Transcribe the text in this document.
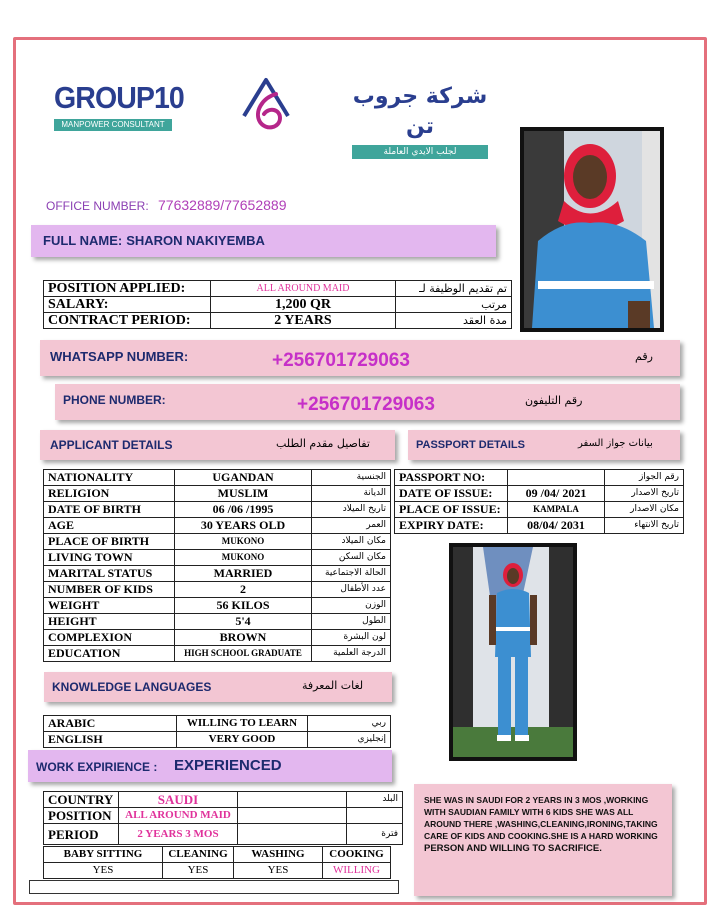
GROUP10
MANPOWER CONSULTANT
شركة جروب تن
لجلب الايدي العاملة
OFFICE NUMBER: 77632889/77652889
FULL NAME: SHARON NAKIYEMBA
POSITION APPLIED:	ALL AROUND MAID	تم تقديم الوظيفة لـ
SALARY:	1,200 QR	مرتب
CONTRACT PERIOD:	2 YEARS	مدة العقد
WHATSAPP NUMBER:	+256701729063	رقم
PHONE NUMBER:	+256701729063	رقم التليفون
APPLICANT DETAILS	تفاصيل مقدم الطلب	PASSPORT DETAILS	بيانات جواز السفر
NATIONALITY	UGANDAN	الجنسية
RELIGION	MUSLIM	الديانة
DATE OF BIRTH	06 /06 /1995	تاريخ الميلاد
AGE	30 YEARS OLD	العمر
PLACE OF BIRTH	MUKONO	مكان الميلاد
LIVING TOWN	MUKONO	مكان السكن
MARITAL STATUS	MARRIED	الحالة الاجتماعية
NUMBER OF KIDS	2	عدد الأطفال
WEIGHT	56 KILOS	الوزن
HEIGHT	5'4	الطول
COMPLEXION	BROWN	لون البشرة
EDUCATION	HIGH SCHOOL GRADUATE	الدرجة العلمية
PASSPORT NO:		رقم الجواز
DATE OF ISSUE:	09 /04/ 2021	تاريخ الاصدار
PLACE OF ISSUE:	KAMPALA	مكان الاصدار
EXPIRY DATE:	08/04/ 2031	تاريخ الانتهاء
KNOWLEDGE LANGUAGES	لغات المعرفة
ARABIC	WILLING TO LEARN	ربي
ENGLISH	VERY GOOD	إنجليزي
WORK EXPIRIENCE : EXPERIENCED
COUNTRY	SAUDI		البلد
POSITION	ALL AROUND MAID		
PERIOD	2 YEARS 3 MOS		فترة
BABY SITTING	CLEANING	WASHING	COOKING
YES	YES	YES	WILLING
SHE WAS IN SAUDI FOR 2 YEARS IN 3 MOS ,WORKING WITH SAUDIAN FAMILY WITH 6 KIDS SHE WAS ALL AROUND THERE ,WASHING,CLEANING,IRONING,TAKING CARE OF KIDS AND COOKING.SHE IS A HARD WORKING
PERSON AND WILLING TO SACRIFICE.
